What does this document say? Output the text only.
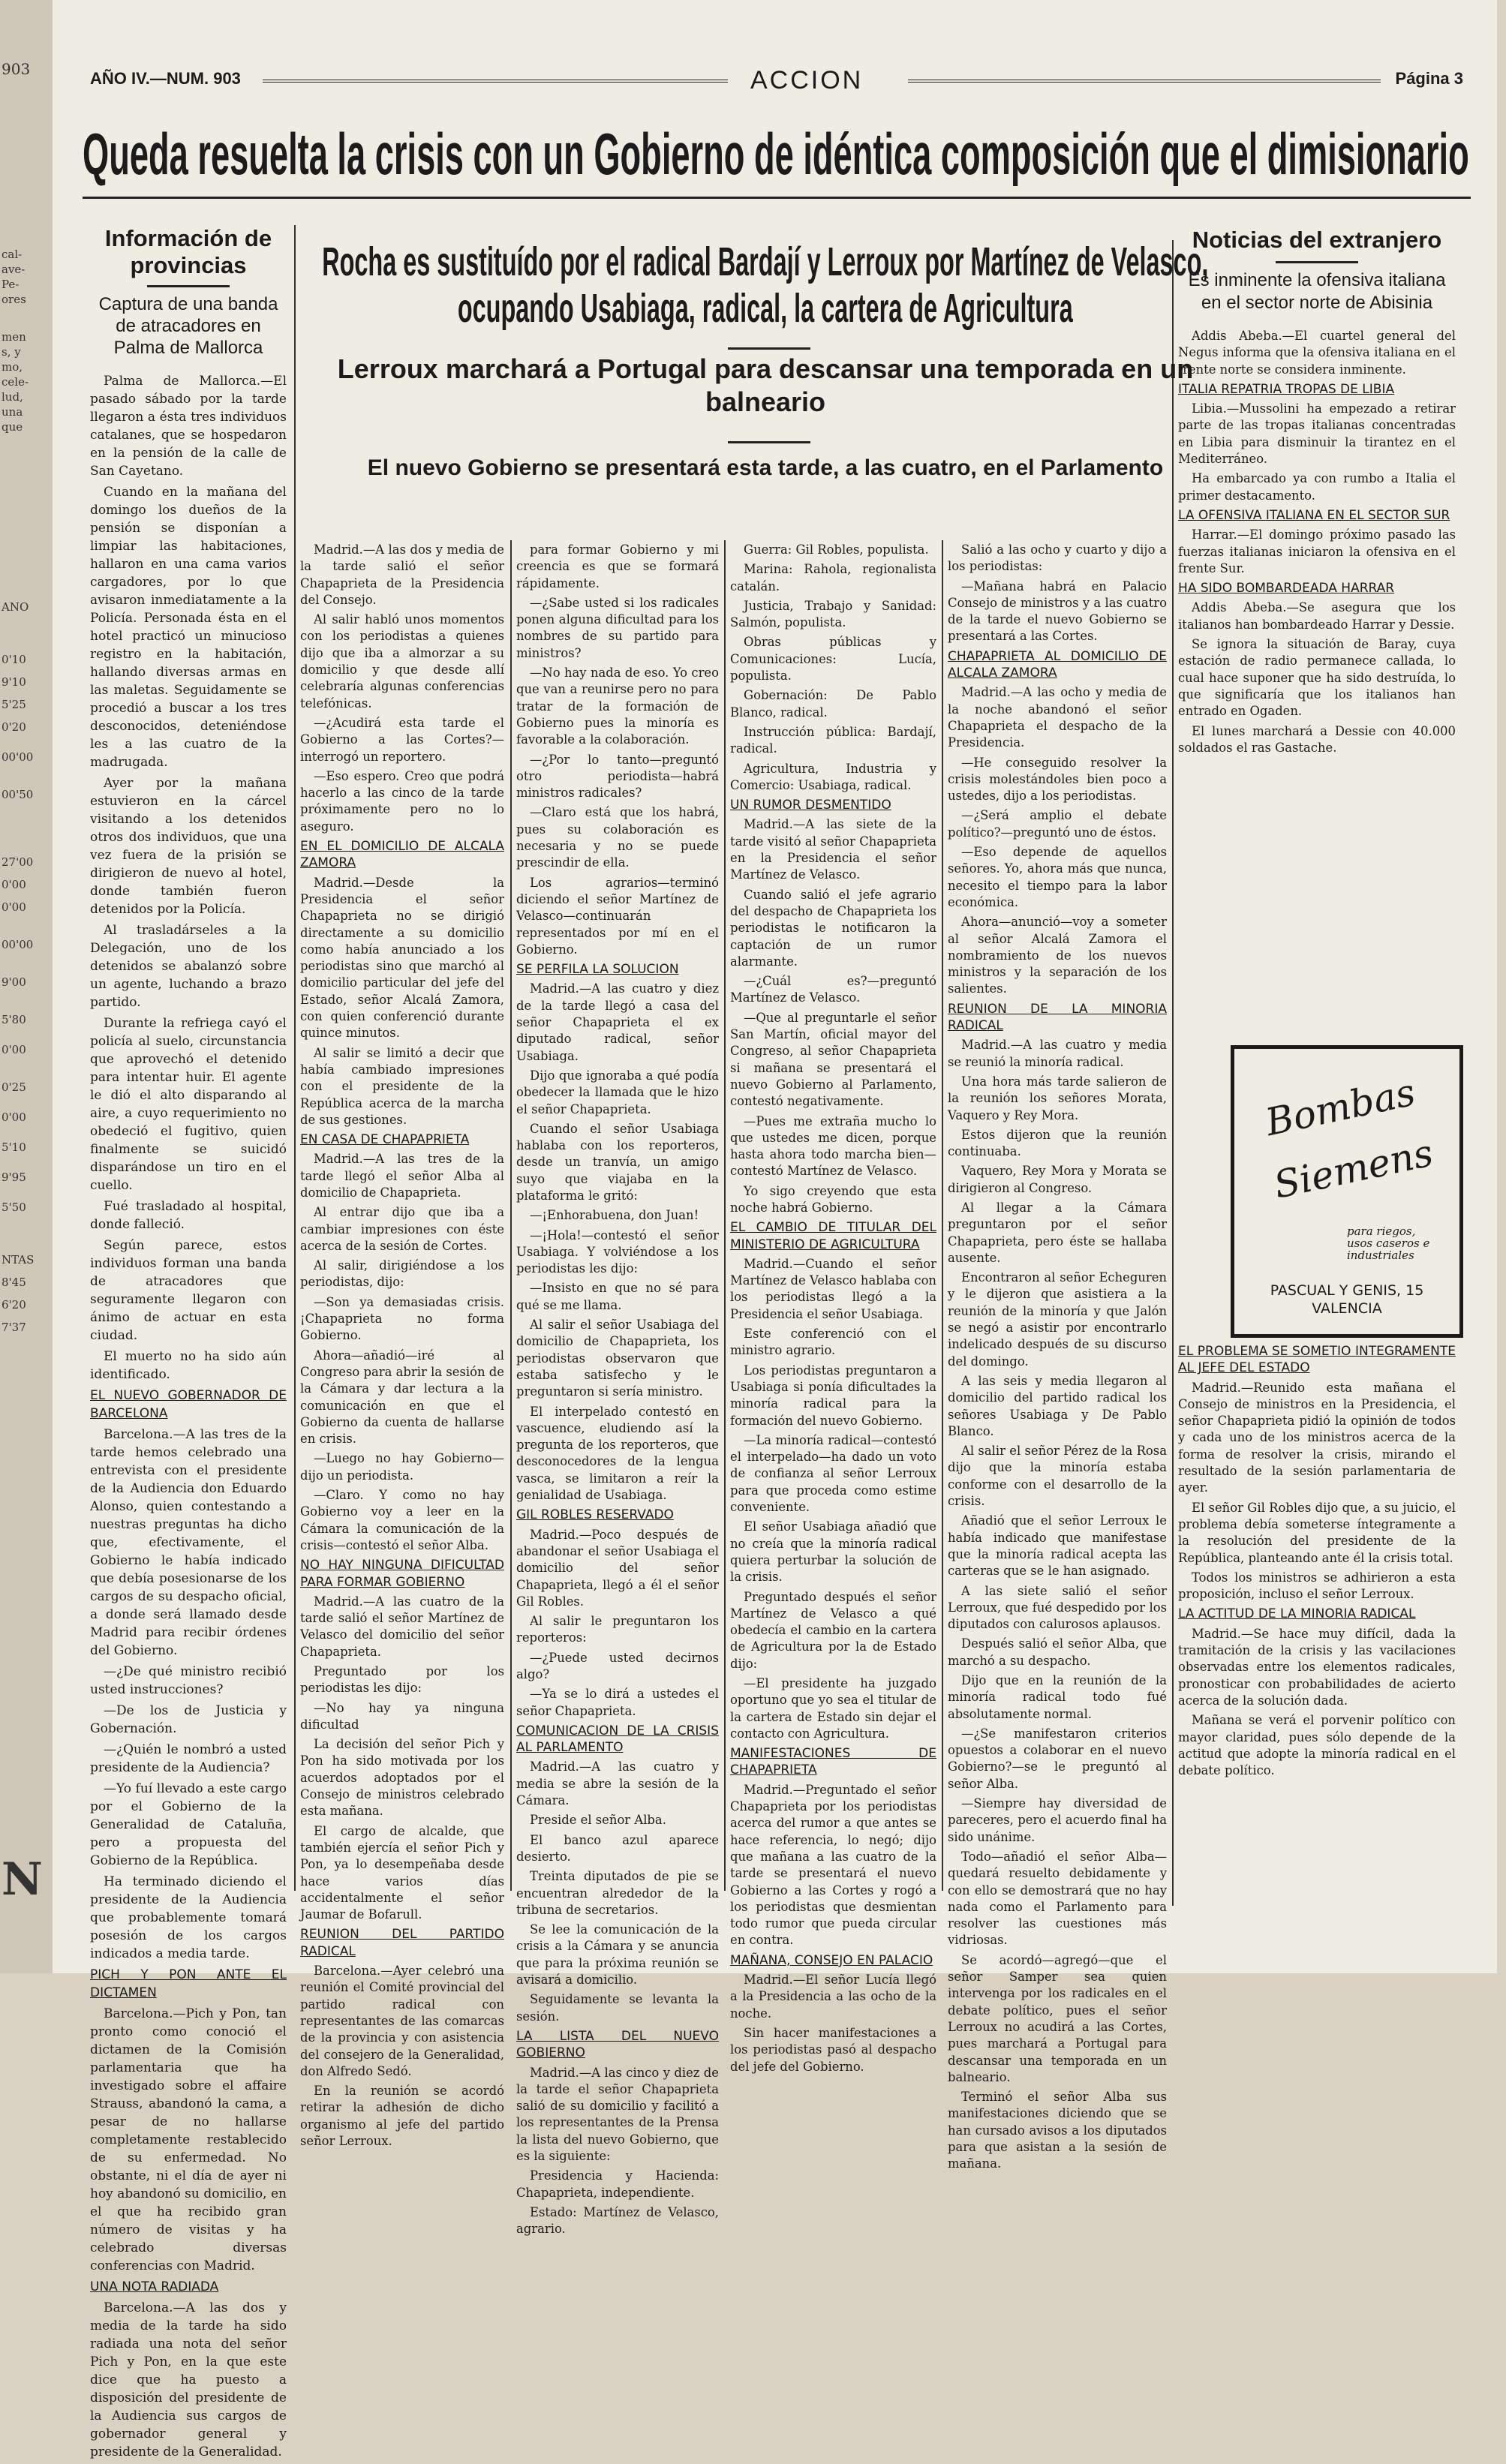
903
cal-
ave-
Pe-
ores
men
s, y
mo,
cele-
lud,
una
que
ANO
0'10
9'10
5'25
0'20
00'00
00'50
27'00
0'00
0'00
00'00
9'00
5'80
0'00
0'25
0'00
5'10
9'95
5'50
NTAS
8'45
6'20
7'37
N
AÑO IV.—NUM. 903	ACCION	Página 3
Queda resuelta la crisis con un Gobierno de idéntica composición que el dimisionario
Información de provincias
Captura de una banda de atracadores en Palma de Mallorca

Palma de Mallorca.—El pasado sábado por la tarde llegaron a ésta tres individuos catalanes, que se hospedaron en la pensión de la calle de San Cayetano.

Cuando en la mañana del domingo los dueños de la pensión se disponían a limpiar las habitaciones, hallaron en una cama varios cargadores, por lo que avisaron inmediatamente a la Policía. Personada ésta en el hotel practicó un minucioso registro en la habitación, hallando diversas armas en las maletas. Seguidamente se procedió a buscar a los tres desconocidos, deteniéndose les a las cuatro de la madrugada.

Ayer por la mañana estuvieron en la cárcel visitando a los detenidos otros dos individuos, que una vez fuera de la prisión se dirigieron de nuevo al hotel, donde también fueron detenidos por la Policía.

Al trasladárseles a la Delegación, uno de los detenidos se abalanzó sobre un agente, luchando a brazo partido.

Durante la refriega cayó el policía al suelo, circunstancia que aprovechó el detenido para intentar huir. El agente le dió el alto disparando al aire, a cuyo requerimiento no obedeció el fugitivo, quien finalmente se suicidó disparándose un tiro en el cuello.

Fué trasladado al hospital, donde falleció.

Según parece, estos individuos forman una banda de atracadores que seguramente llegaron con ánimo de actuar en esta ciudad.

El muerto no ha sido aún identificado.

EL NUEVO GOBERNADOR DE BARCELONA

Barcelona.—A las tres de la tarde hemos celebrado una entrevista con el presidente de la Audiencia don Eduardo Alonso, quien contestando a nuestras preguntas ha dicho que, efectivamente, el Gobierno le había indicado que debía posesionarse de los cargos de su despacho oficial, a donde será llamado desde Madrid para recibir órdenes del Gobierno.

—¿De qué ministro recibió usted instrucciones?

—De los de Justicia y Gobernación.

—¿Quién le nombró a usted presidente de la Audiencia?

—Yo fuí llevado a este cargo por el Gobierno de la Generalidad de Cataluña, pero a propuesta del Gobierno de la República.

Ha terminado diciendo el presidente de la Audiencia que probablemente tomará posesión de los cargos indicados a media tarde.

PICH Y PON ANTE EL DICTAMEN

Barcelona.—Pich y Pon, tan pronto como conoció el dictamen de la Comisión parlamentaria que ha investigado sobre el affaire Strauss, abandonó la cama, a pesar de no hallarse completamente restablecido de su enfermedad. No obstante, ni el día de ayer ni hoy abandonó su domicilio, en el que ha recibido gran número de visitas y ha celebrado diversas conferencias con Madrid.

UNA NOTA RADIADA

Barcelona.—A las dos y media de la tarde ha sido radiada una nota del señor Pich y Pon, en la que este dice que ha puesto a disposición del presidente de la Audiencia sus cargos de gobernador general y presidente de la Generalidad.

Rocha es sustituído por el radical Bardají y Lerroux por Martínez de Velasco, ocupando Usabiaga, radical, la cartera de Agricultura
Lerroux marchará a Portugal para descansar una temporada en un balneario
El nuevo Gobierno se presentará esta tarde, a las cuatro, en el Parlamento

Madrid.—A las dos y media de la tarde salió el señor Chapaprieta de la Presidencia del Consejo.

Al salir habló unos momentos con los periodistas a quienes dijo que iba a almorzar a su domicilio y que desde allí celebraría algunas conferencias telefónicas.

—¿Acudirá esta tarde el Gobierno a las Cortes?—interrogó un reportero.

—Eso espero. Creo que podrá hacerlo a las cinco de la tarde próximamente pero no lo aseguro.

EN EL DOMICILIO DE ALCALA ZAMORA

Madrid.—Desde la Presidencia el señor Chapaprieta no se dirigió directamente a su domicilio como había anunciado a los periodistas sino que marchó al domicilio particular del jefe del Estado, señor Alcalá Zamora, con quien conferenció durante quince minutos.

Al salir se limitó a decir que había cambiado impresiones con el presidente de la República acerca de la marcha de sus gestiones.

EN CASA DE CHAPAPRIETA

Madrid.—A las tres de la tarde llegó el señor Alba al domicilio de Chapaprieta.

Al entrar dijo que iba a cambiar impresiones con éste acerca de la sesión de Cortes.

Al salir, dirigiéndose a los periodistas, dijo:

—Son ya demasiadas crisis. ¡Chapaprieta no forma Gobierno.

Ahora—añadió—iré al Congreso para abrir la sesión de la Cámara y dar lectura a la comunicación en que el Gobierno da cuenta de hallarse en crisis.

—Luego no hay Gobierno—dijo un periodista.

—Claro. Y como no hay Gobierno voy a leer en la Cámara la comunicación de la crisis—contestó el señor Alba.

NO HAY NINGUNA DIFICULTAD PARA FORMAR GOBIERNO

Madrid.—A las cuatro de la tarde salió el señor Martínez de Velasco del domicilio del señor Chapaprieta.

Preguntado por los periodistas les dijo:

—No hay ya ninguna dificultad

La decisión del señor Pich y Pon ha sido motivada por los acuerdos adoptados por el Consejo de ministros celebrado esta mañana.

El cargo de alcalde, que también ejercía el señor Pich y Pon, ya lo desempeñaba desde hace varios días accidentalmente el señor Jaumar de Bofarull.

REUNION DEL PARTIDO RADICAL

Barcelona.—Ayer celebró una reunión el Comité provincial del partido radical con representantes de las comarcas de la provincia y con asistencia del consejero de la Generalidad, don Alfredo Sedó.

En la reunión se acordó retirar la adhesión de dicho organismo al jefe del partido señor Lerroux.

para formar Gobierno y mi creencia es que se formará rápidamente.

—¿Sabe usted si los radicales ponen alguna dificultad para los nombres de su partido para ministros?

—No hay nada de eso. Yo creo que van a reunirse pero no para tratar de la formación de Gobierno pues la minoría es favorable a la colaboración.

—¿Por lo tanto—preguntó otro periodista—habrá ministros radicales?

—Claro está que los habrá, pues su colaboración es necesaria y no se puede prescindir de ella.

Los agrarios—terminó diciendo el señor Martínez de Velasco—continuarán representados por mí en el Gobierno.

SE PERFILA LA SOLUCION

Madrid.—A las cuatro y diez de la tarde llegó a casa del señor Chapaprieta el ex diputado radical, señor Usabiaga.

Dijo que ignoraba a qué podía obedecer la llamada que le hizo el señor Chapaprieta.

Cuando el señor Usabiaga hablaba con los reporteros, desde un tranvía, un amigo suyo que viajaba en la plataforma le gritó:

—¡Enhorabuena, don Juan!

—¡Hola!—contestó el señor Usabiaga. Y volviéndose a los periodistas les dijo:

—Insisto en que no sé para qué se me llama.

Al salir el señor Usabiaga del domicilio de Chapaprieta, los periodistas observaron que estaba satisfecho y le preguntaron si sería ministro.

El interpelado contestó en vascuence, eludiendo así la pregunta de los reporteros, que desconocedores de la lengua vasca, se limitaron a reír la genialidad de Usabiaga.

GIL ROBLES RESERVADO

Madrid.—Poco después de abandonar el señor Usabiaga el domicilio del señor Chapaprieta, llegó a él el señor Gil Robles.

Al salir le preguntaron los reporteros:

—¿Puede usted decirnos algo?

—Ya se lo dirá a ustedes el señor Chapaprieta.

COMUNICACION DE LA CRISIS AL PARLAMENTO

Madrid.—A las cuatro y media se abre la sesión de la Cámara.

Preside el señor Alba.

El banco azul aparece desierto.

Treinta diputados de pie se encuentran alrededor de la tribuna de secretarios.

Se lee la comunicación de la crisis a la Cámara y se anuncia que para la próxima reunión se avisará a domicilio.

Seguidamente se levanta la sesión.

LA LISTA DEL NUEVO GOBIERNO

Madrid.—A las cinco y diez de la tarde el señor Chapaprieta salió de su domicilio y facilitó a los representantes de la Prensa la lista del nuevo Gobierno, que es la siguiente:

Presidencia y Hacienda: Chapaprieta, independiente.

Estado: Martínez de Velasco, agrario.

Guerra: Gil Robles, populista.

Marina: Rahola, regionalista catalán.

Justicia, Trabajo y Sanidad: Salmón, populista.

Obras públicas y Comunicaciones: Lucía, populista.

Gobernación: De Pablo Blanco, radical.

Instrucción pública: Bardají, radical.

Agricultura, Industria y Comercio: Usabiaga, radical.

UN RUMOR DESMENTIDO

Madrid.—A las siete de la tarde visitó al señor Chapaprieta en la Presidencia el señor Martínez de Velasco.

Cuando salió el jefe agrario del despacho de Chapaprieta los periodistas le notificaron la captación de un rumor alarmante.

—¿Cuál es?—preguntó Martínez de Velasco.

—Que al preguntarle el señor San Martín, oficial mayor del Congreso, al señor Chapaprieta si mañana se presentará el nuevo Gobierno al Parlamento, contestó negativamente.

—Pues me extraña mucho lo que ustedes me dicen, porque hasta ahora todo marcha bien—contestó Martínez de Velasco.

Yo sigo creyendo que esta noche habrá Gobierno.

EL CAMBIO DE TITULAR DEL MINISTERIO DE AGRICULTURA

Madrid.—Cuando el señor Martínez de Velasco hablaba con los periodistas llegó a la Presidencia el señor Usabiaga.

Este conferenció con el ministro agrario.

Los periodistas preguntaron a Usabiaga si ponía dificultades la minoría radical para la formación del nuevo Gobierno.

—La minoría radical—contestó el interpelado—ha dado un voto de confianza al señor Lerroux para que proceda como estime conveniente.

El señor Usabiaga añadió que no creía que la minoría radical quiera perturbar la solución de la crisis.

Preguntado después el señor Martínez de Velasco a qué obedecía el cambio en la cartera de Agricultura por la de Estado dijo:

—El presidente ha juzgado oportuno que yo sea el titular de la cartera de Estado sin dejar el contacto con Agricultura.

MANIFESTACIONES DE CHAPAPRIETA

Madrid.—Preguntado el señor Chapaprieta por los periodistas acerca del rumor a que antes se hace referencia, lo negó; dijo que mañana a las cuatro de la tarde se presentará el nuevo Gobierno a las Cortes y rogó a los periodistas que desmientan todo rumor que pueda circular en contra.

MAÑANA, CONSEJO EN PALACIO

Madrid.—El señor Lucía llegó a la Presidencia a las ocho de la noche.

Sin hacer manifestaciones a los periodistas pasó al despacho del jefe del Gobierno.

Salió a las ocho y cuarto y dijo a los periodistas:

—Mañana habrá en Palacio Consejo de ministros y a las cuatro de la tarde el nuevo Gobierno se presentará a las Cortes.

CHAPAPRIETA AL DOMICILIO DE ALCALA ZAMORA

Madrid.—A las ocho y media de la noche abandonó el señor Chapaprieta el despacho de la Presidencia.

—He conseguido resolver la crisis molestándoles bien poco a ustedes, dijo a los periodistas.

—¿Será amplio el debate político?—preguntó uno de éstos.

—Eso depende de aquellos señores. Yo, ahora más que nunca, necesito el tiempo para la labor económica.

Ahora—anunció—voy a someter al señor Alcalá Zamora el nombramiento de los nuevos ministros y la separación de los salientes.

REUNION DE LA MINORIA RADICAL

Madrid.—A las cuatro y media se reunió la minoría radical.

Una hora más tarde salieron de la reunión los señores Morata, Vaquero y Rey Mora.

Estos dijeron que la reunión continuaba.

Vaquero, Rey Mora y Morata se dirigieron al Congreso.

Al llegar a la Cámara preguntaron por el señor Chapaprieta, pero éste se hallaba ausente.

Encontraron al señor Echeguren y le dijeron que asistiera a la reunión de la minoría y que Jalón se negó a asistir por encontrarlo indelicado después de su discurso del domingo.

A las seis y media llegaron al domicilio del partido radical los señores Usabiaga y De Pablo Blanco.

Al salir el señor Pérez de la Rosa dijo que la minoría estaba conforme con el desarrollo de la crisis.

Añadió que el señor Lerroux le había indicado que manifestase que la minoría radical acepta las carteras que se le han asignado.

A las siete salió el señor Lerroux, que fué despedido por los diputados con calurosos aplausos.

Después salió el señor Alba, que marchó a su despacho.

Dijo que en la reunión de la minoría radical todo fué absolutamente normal.

—¿Se manifestaron criterios opuestos a colaborar en el nuevo Gobierno?—se le preguntó al señor Alba.

—Siempre hay diversidad de pareceres, pero el acuerdo final ha sido unánime.

Todo—añadió el señor Alba—quedará resuelto debidamente y con ello se demostrará que no hay nada como el Parlamento para resolver las cuestiones más vidriosas.

Se acordó—agregó—que el señor Samper sea quien intervenga por los radicales en el debate político, pues el señor Lerroux no acudirá a las Cortes, pues marchará a Portugal para descansar una temporada en un balneario.

Terminó el señor Alba sus manifestaciones diciendo que se han cursado avisos a los diputados para que asistan a la sesión de mañana.

Noticias del extranjero
Es inminente la ofensiva italiana en el sector norte de Abisinia

Addis Abeba.—El cuartel general del Negus informa que la ofensiva italiana en el frente norte se considera inminente.

ITALIA REPATRIA TROPAS DE LIBIA

Libia.—Mussolini ha empezado a retirar parte de las tropas italianas concentradas en Libia para disminuir la tirantez en el Mediterráneo.

Ha embarcado ya con rumbo a Italia el primer destacamento.

LA OFENSIVA ITALIANA EN EL SECTOR SUR

Harrar.—El domingo próximo pasado las fuerzas italianas iniciaron la ofensiva en el frente Sur.

HA SIDO BOMBARDEADA HARRAR

Addis Abeba.—Se asegura que los italianos han bombardeado Harrar y Dessie.

Se ignora la situación de Baray, cuya estación de radio permanece callada, lo cual hace suponer que ha sido destruída, lo que significaría que los italianos han entrado en Ogaden.

El lunes marchará a Dessie con 40.000 soldados el ras Gastache.

Bombas Siemens
para riegos, usos caseros e industriales
PASCUAL Y GENIS, 15
VALENCIA

EL PROBLEMA SE SOMETIO INTEGRAMENTE AL JEFE DEL ESTADO

Madrid.—Reunido esta mañana el Consejo de ministros en la Presidencia, el señor Chapaprieta pidió la opinión de todos y cada uno de los ministros acerca de la forma de resolver la crisis, mirando el resultado de la sesión parlamentaria de ayer.

El señor Gil Robles dijo que, a su juicio, el problema debía someterse íntegramente a la resolución del presidente de la República, planteando ante él la crisis total.

Todos los ministros se adhirieron a esta proposición, incluso el señor Lerroux.

LA ACTITUD DE LA MINORIA RADICAL

Madrid.—Se hace muy difícil, dada la tramitación de la crisis y las vacilaciones observadas entre los elementos radicales, pronosticar con probabilidades de acierto acerca de la solución dada.

Mañana se verá el porvenir político con mayor claridad, pues sólo depende de la actitud que adopte la minoría radical en el debate político.
